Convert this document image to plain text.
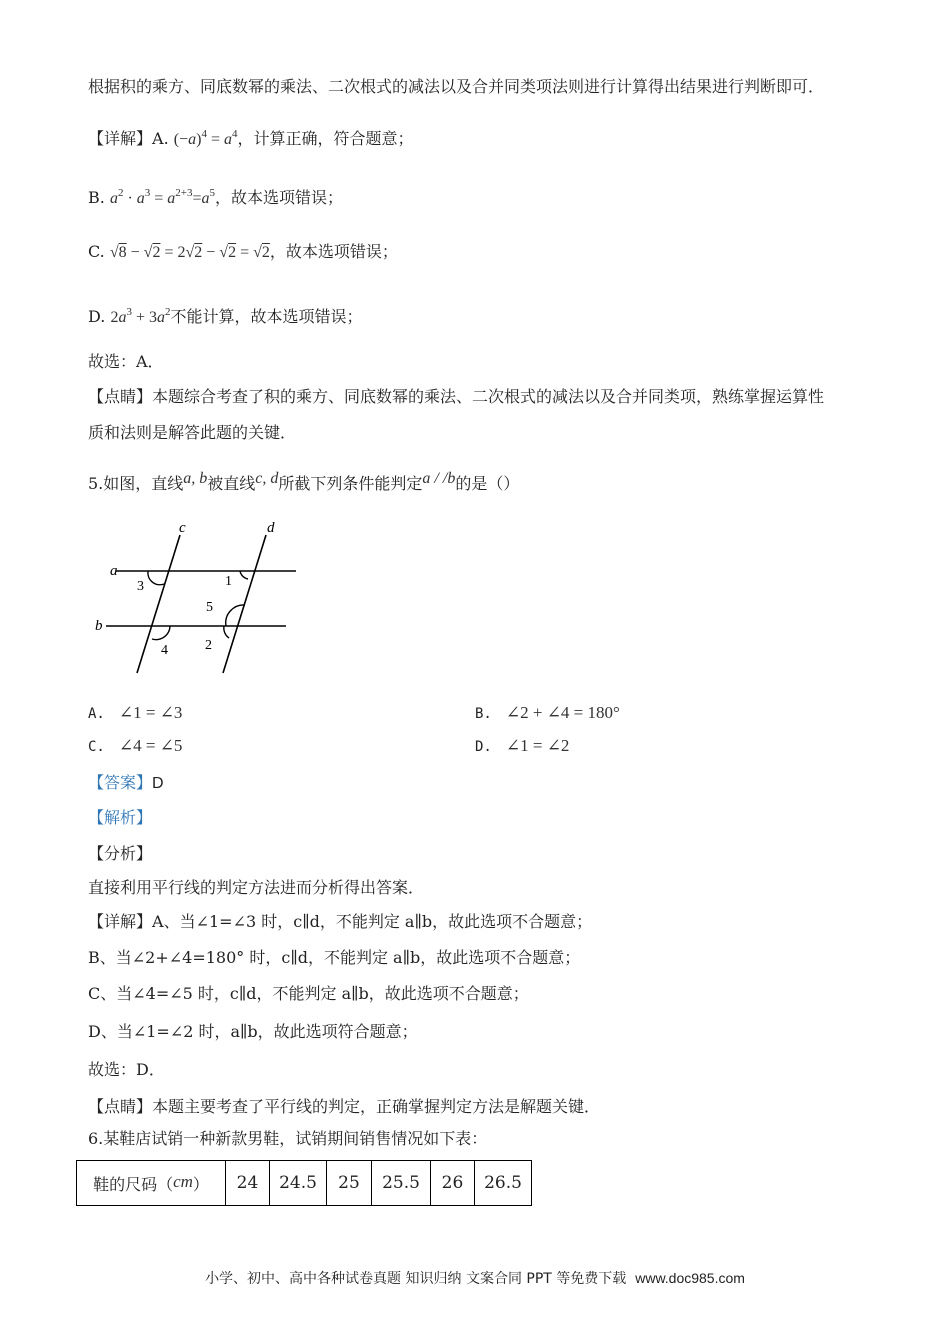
根据积的乘方、同底数幂的乘法、二次根式的减法以及合并同类项法则进行计算得出结果进行判断即可．
【详解】A. $(-a)^4 = a^4$，计算正确，符合题意；
B. $a^2 \cdot a^3 = a^{2+3}=a^5$，故本选项错误；
C. √8 − √2 = 2√2 − √2 = √2，故本选项错误；
D. $2a^3 + 3a^2$不能计算，故本选项错误；
故选：A．
【点睛】本题综合考查了积的乘方、同底数幂的乘法、二次根式的减法以及合并同类项，熟练掌握运算性
质和法则是解答此题的关键．
5.如图，直线a, b被直线c, d所截下列条件能判定a / /b的是（）
a
b
c	d
3	1
5
2
4
A. ∠1 = ∠3	B. ∠2 + ∠4 = 180°
C. ∠4 = ∠5	D. ∠1 = ∠2
【答案】D
【解析】
【分析】
直接利用平行线的判定方法进而分析得出答案．
【详解】A、当∠1=∠3 时，c∥d，不能判定 a∥b，故此选项不合题意；
B、当∠2+∠4=180° 时，c∥d，不能判定 a∥b，故此选项不合题意；
C、当∠4=∠5 时，c∥d，不能判定 a∥b，故此选项不合题意；
D、当∠1=∠2 时，a∥b，故此选项符合题意；
故选：D．
【点睛】本题主要考查了平行线的判定，正确掌握判定方法是解题关键．
6.某鞋店试销一种新款男鞋，试销期间销售情况如下表：
鞋的尺码（cm）	24	24.5	25	25.5	26	26.5
小学、初中、高中各种试卷真题 知识归纳 文案合同 PPT 等免费下载 www.doc985.com
